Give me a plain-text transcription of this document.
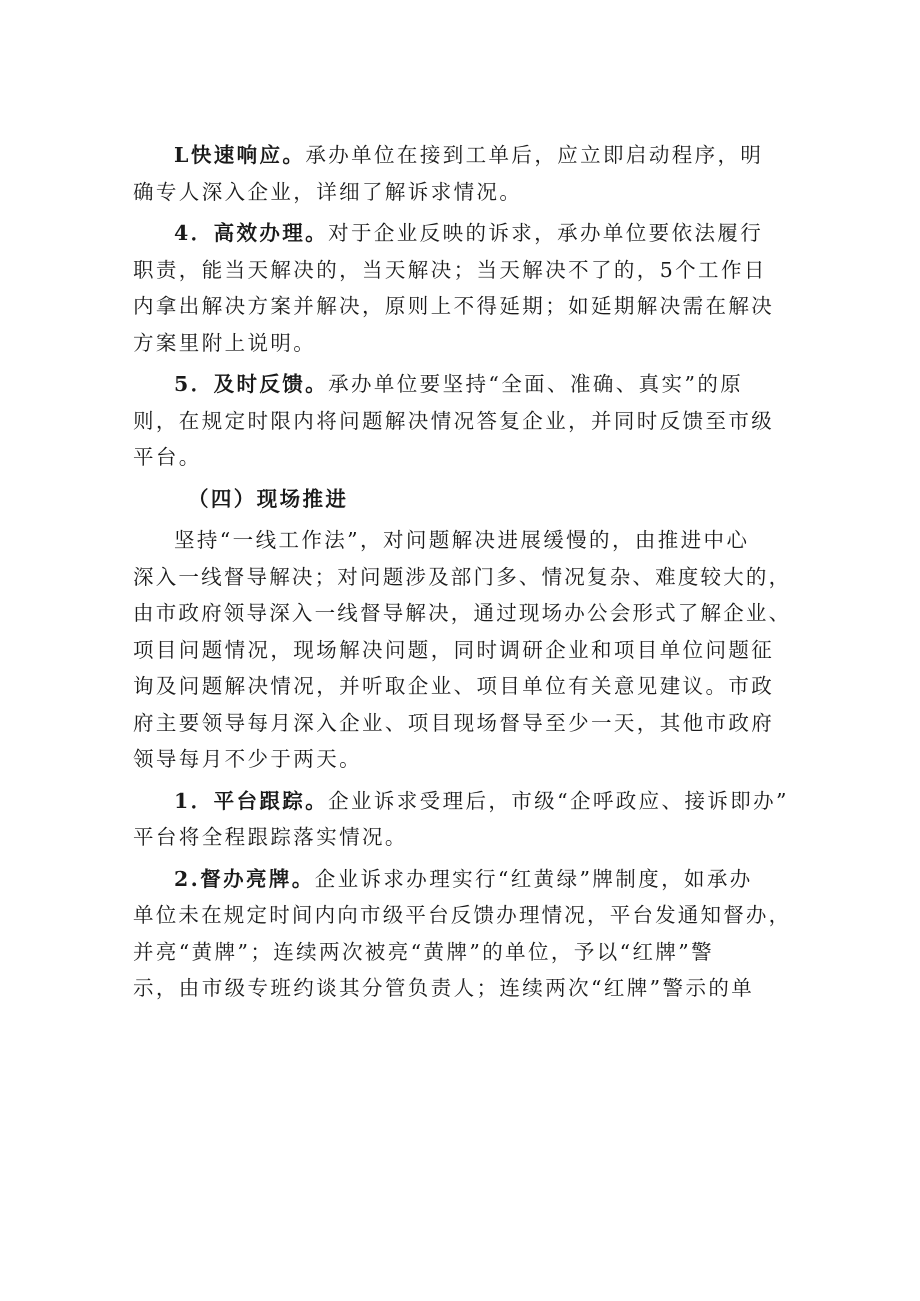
L快速响应。承办单位在接到工单后，应立即启动程序，明
确专人深入企业，详细了解诉求情况。
4．高效办理。对于企业反映的诉求，承办单位要依法履行
职责，能当天解决的，当天解决；当天解决不了的，5个工作日
内拿出解决方案并解决，原则上不得延期；如延期解决需在解决
方案里附上说明。
5．及时反馈。承办单位要坚持“全面、准确、真实”的原
则，在规定时限内将问题解决情况答复企业，并同时反馈至市级
平台。
（四）现场推进
坚持“一线工作法”，对问题解决进展缓慢的，由推进中心
深入一线督导解决；对问题涉及部门多、情况复杂、难度较大的，
由市政府领导深入一线督导解决，通过现场办公会形式了解企业、
项目问题情况，现场解决问题，同时调研企业和项目单位问题征
询及问题解决情况，并听取企业、项目单位有关意见建议。市政
府主要领导每月深入企业、项目现场督导至少一天，其他市政府
领导每月不少于两天。
1．平台跟踪。企业诉求受理后，市级“企呼政应、接诉即办”
平台将全程跟踪落实情况。
2.督办亮牌。企业诉求办理实行“红黄绿”牌制度，如承办
单位未在规定时间内向市级平台反馈办理情况，平台发通知督办，
并亮“黄牌”；连续两次被亮“黄牌”的单位，予以“红牌”警
示，由市级专班约谈其分管负责人；连续两次“红牌”警示的单
